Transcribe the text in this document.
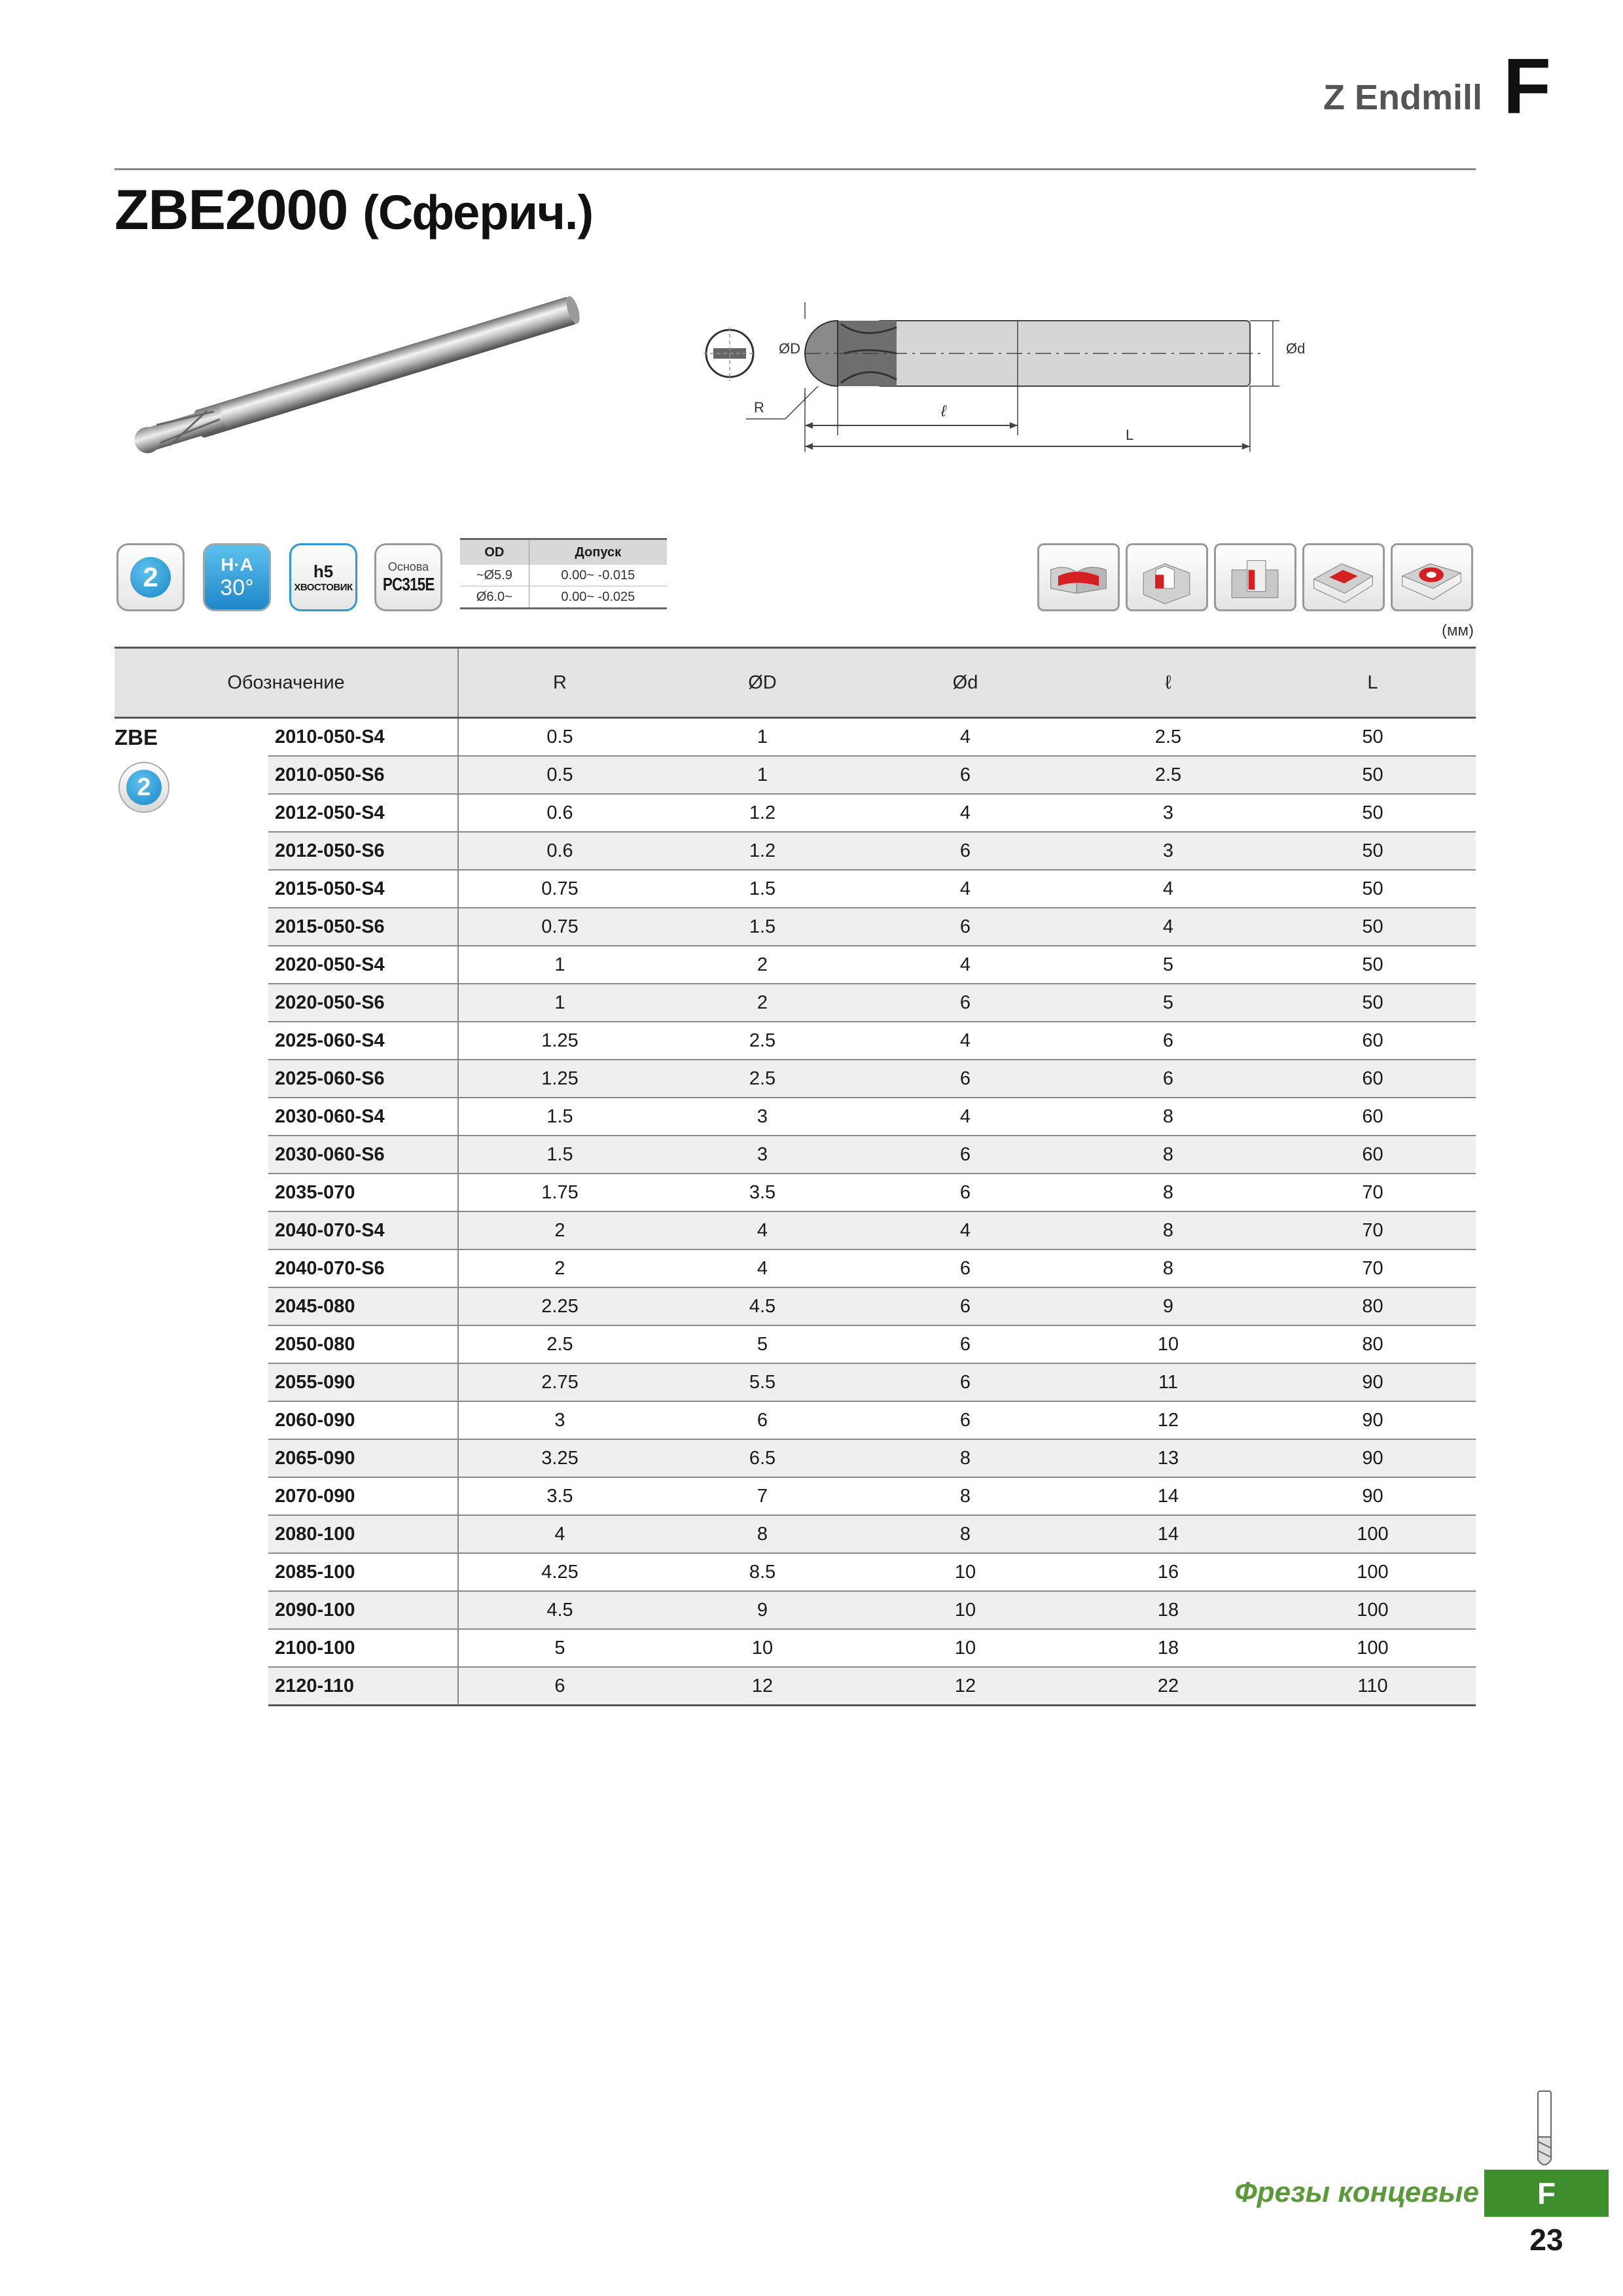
Z Endmill F
ZBE2000 (Сферич.)
ØD	Ød
R	ℓ
L
2	H·A
30°
h5
ХВОСТОВИК
Основа
PC315E
OD	Допуск
~Ø5.9	0.00~ -0.015
Ø6.0~	0.00~ -0.025
(мм)
Обозначение		R	ØD	Ød	ℓ	L

ZBE
2	2010-050-S4	0.5	1	4	2.5	50
	2010-050-S6	0.5	1	6	2.5	50
	2012-050-S4	0.6	1.2	4	3	50
	2012-050-S6	0.6	1.2	6	3	50
	2015-050-S4	0.75	1.5	4	4	50
	2015-050-S6	0.75	1.5	6	4	50
	2020-050-S4	1	2	4	5	50
	2020-050-S6	1	2	6	5	50
	2025-060-S4	1.25	2.5	4	6	60
	2025-060-S6	1.25	2.5	6	6	60
	2030-060-S4	1.5	3	4	8	60
	2030-060-S6	1.5	3	6	8	60
	2035-070	1.75	3.5	6	8	70
	2040-070-S4	2	4	4	8	70
	2040-070-S6	2	4	6	8	70
	2045-080	2.25	4.5	6	9	80
	2050-080	2.5	5	6	10	80
	2055-090	2.75	5.5	6	11	90
	2060-090	3	6	6	12	90
	2065-090	3.25	6.5	8	13	90
	2070-090	3.5	7	8	14	90
	2080-100	4	8	8	14	100
	2085-100	4.25	8.5	10	16	100
	2090-100	4.5	9	10	18	100
	2100-100	5	10	10	18	100
	2120-110	6	12	12	22	110
Фрезы концевые	F
23
